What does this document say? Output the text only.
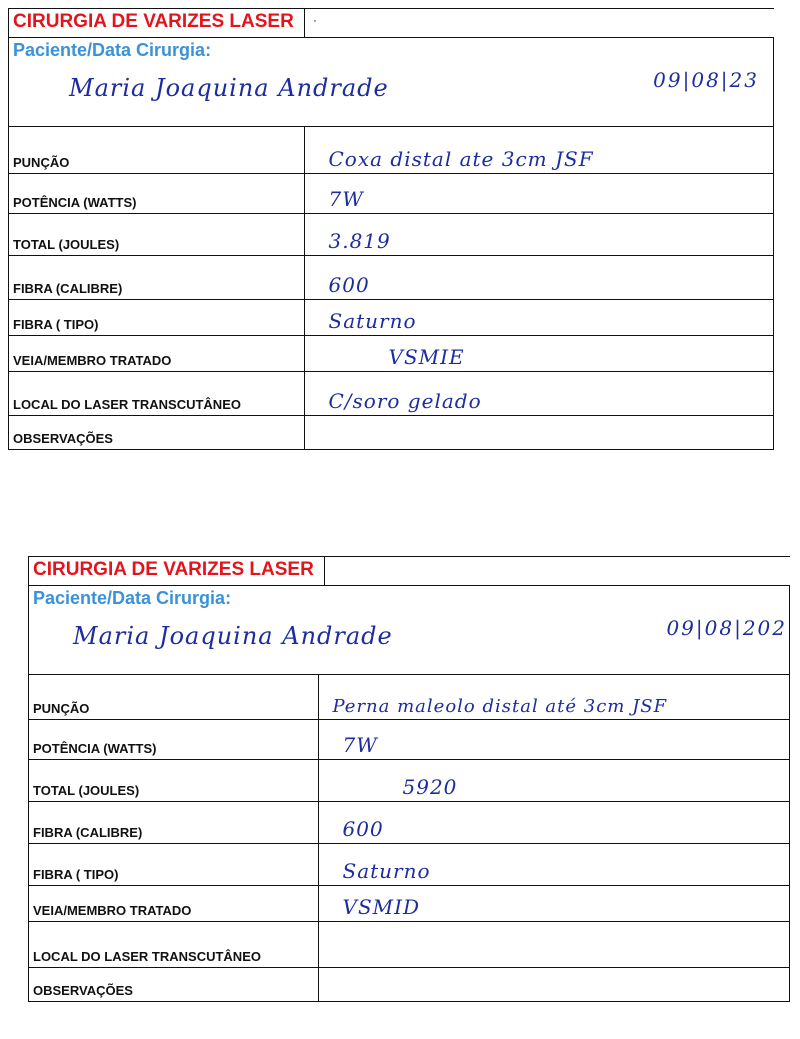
CIRURGIA DE VARIZES LASER	·
Paciente/Data Cirurgia:
Maria Joaquina Andrade	09|08|23
PUNÇÃO	Coxa distal ate 3cm JSF
POTÊNCIA (WATTS)	7W
TOTAL (JOULES)	3.819
FIBRA (CALIBRE)	600
FIBRA ( TIPO)	Saturno
VEIA/MEMBRO TRATADO	VSMIE
LOCAL DO LASER TRANSCUTÂNEO	C/soro gelado
OBSERVAÇÕES	
CIRURGIA DE VARIZES LASER
Paciente/Data Cirurgia:
Maria Joaquina Andrade	09|08|202
PUNÇÃO	Perna maleolo distal até 3cm JSF
POTÊNCIA (WATTS)	7W
TOTAL (JOULES)	5920
FIBRA (CALIBRE)	600
FIBRA ( TIPO)	Saturno
VEIA/MEMBRO TRATADO	VSMID
LOCAL DO LASER TRANSCUTÂNEO	
OBSERVAÇÕES	
